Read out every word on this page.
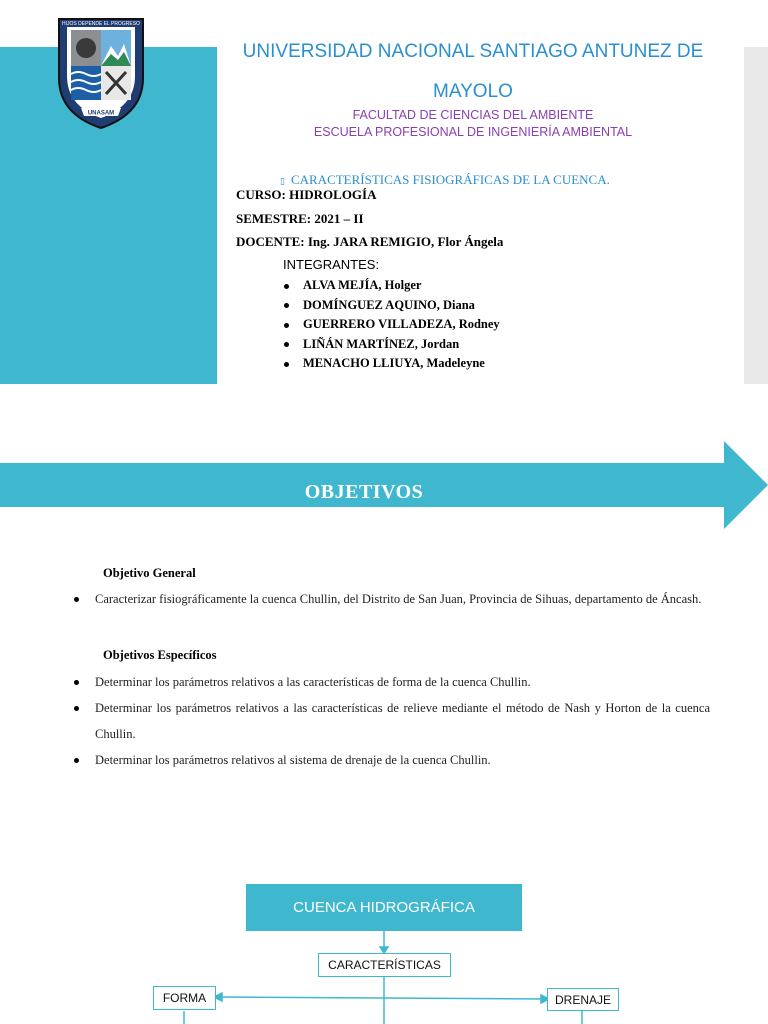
HIJOS DEPENDE EL PROGRESO
UNASAM
UNIVERSIDAD NACIONAL SANTIAGO ANTUNEZ DE MAYOLO
FACULTAD DE CIENCIAS DEL AMBIENTE
ESCUELA PROFESIONAL DE INGENIERÍA AMBIENTAL
▯ CARACTERÍSTICAS FISIOGRÁFICAS DE LA CUENCA.
CURSO: HIDROLOGÍA
SEMESTRE: 2021 – II
DOCENTE: Ing. JARA REMIGIO, Flor Ángela
INTEGRANTES:
ALVA MEJÍA, Holger
DOMÍNGUEZ AQUINO, Diana
GUERRERO VILLADEZA, Rodney
LIÑÁN MARTÍNEZ, Jordan
MENACHO LLIUYA, Madeleyne
OBJETIVOS
Objetivo General
Caracterizar fisiográficamente la cuenca Chullin, del Distrito de San Juan, Provincia de Sihuas, departamento de Áncash.
Objetivos Específicos
Determinar los parámetros relativos a las características de forma de la cuenca Chullin.
Determinar los parámetros relativos a las características de relieve mediante el método de Nash y Horton de la cuenca Chullin.
Determinar los parámetros relativos al sistema de drenaje de la cuenca Chullin.
CUENCA HIDROGRÁFICA
CARACTERÍSTICAS
FORMA	DRENAJE
